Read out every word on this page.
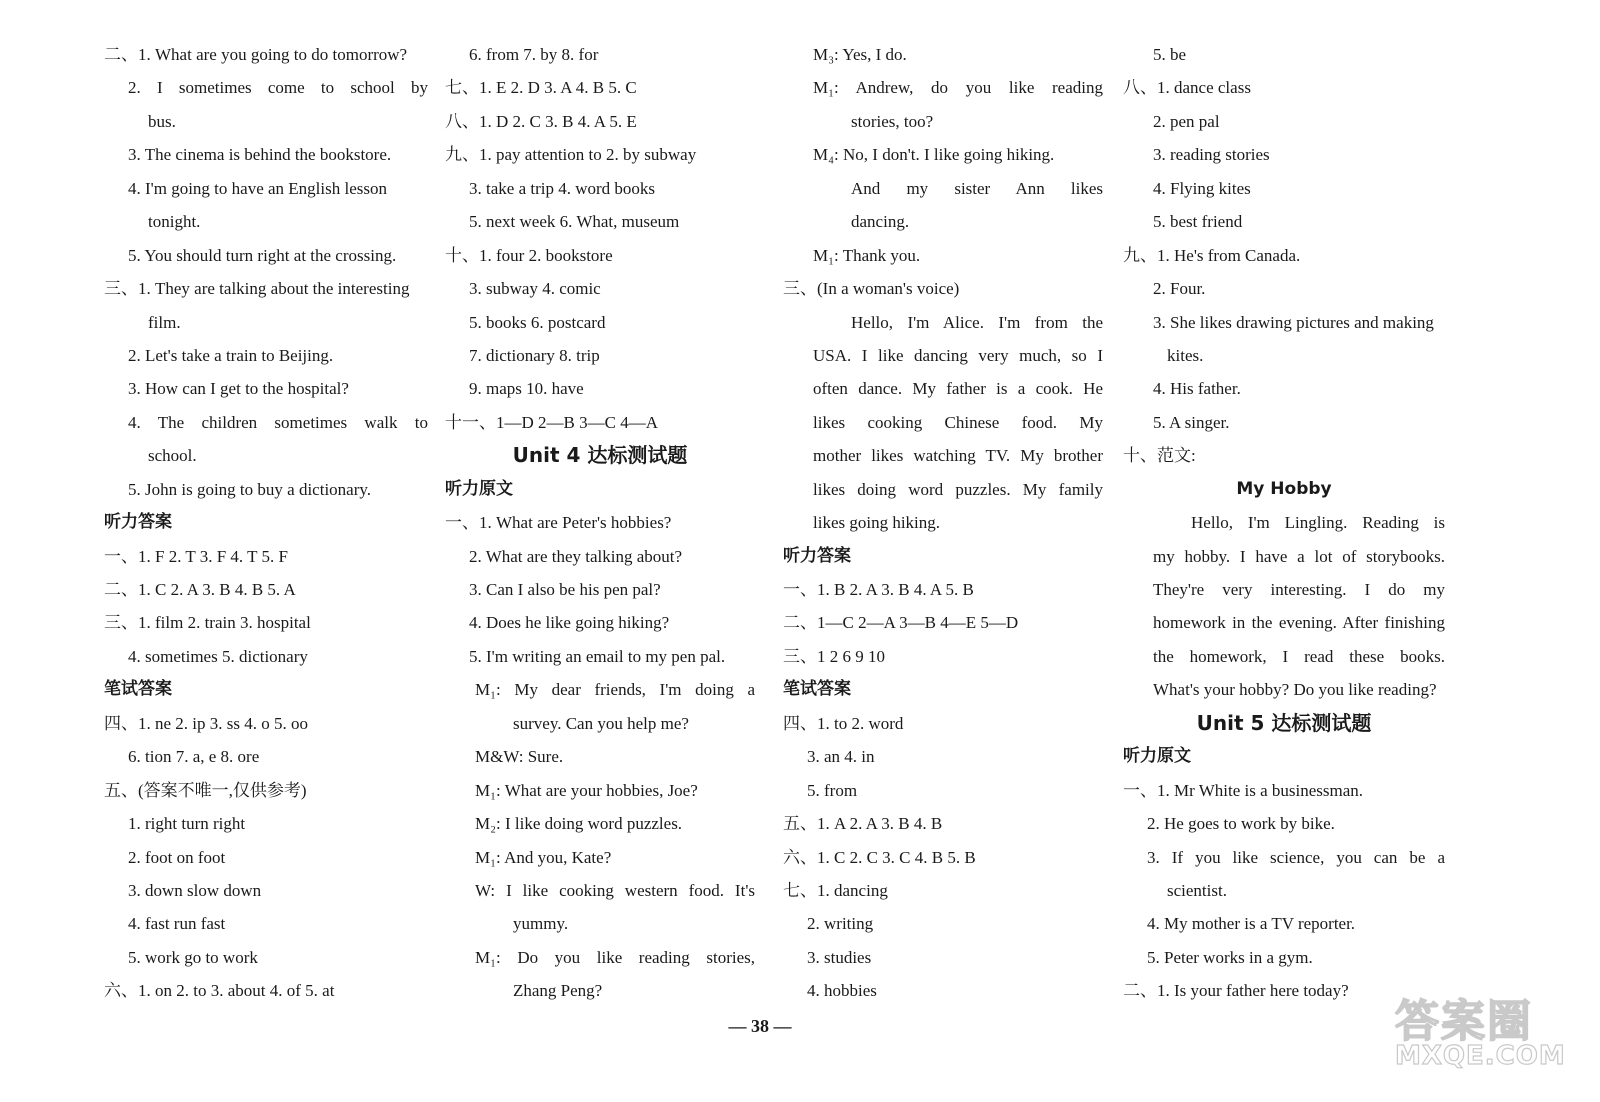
二、1. What are you going to do tomorrow?
2. I sometimes come to school by
bus.
3. The cinema is behind the bookstore.
4. I'm going to have an English lesson
tonight.
5. You should turn right at the crossing.
三、1. They are talking about the interesting
film.
2. Let's take a train to Beijing.
3. How can I get to the hospital?
4. The children sometimes walk to
school.
5. John is going to buy a dictionary.
听力答案
一、1. F 2. T 3. F 4. T 5. F
二、1. C 2. A 3. B 4. B 5. A
三、1. film 2. train 3. hospital
4. sometimes 5. dictionary
笔试答案
四、1. ne 2. ip 3. ss 4. o 5. oo
6. tion 7. a, e 8. ore
五、(答案不唯一,仅供参考)
1. right turn right
2. foot on foot
3. down slow down
4. fast run fast
5. work go to work
六、1. on 2. to 3. about 4. of 5. at
6. from 7. by 8. for
七、1. E 2. D 3. A 4. B 5. C
八、1. D 2. C 3. B 4. A 5. E
九、1. pay attention to 2. by subway
3. take a trip 4. word books
5. next week 6. What, museum
十、1. four 2. bookstore
3. subway 4. comic
5. books 6. postcard
7. dictionary 8. trip
9. maps 10. have
十一、1—D 2—B 3—C 4—A
Unit 4 达标测试题
听力原文
一、1. What are Peter's hobbies?
2. What are they talking about?
3. Can I also be his pen pal?
4. Does he like going hiking?
5. I'm writing an email to my pen pal.
M₁: My dear friends, I'm doing a
survey. Can you help me?
M&W: Sure.
M₁: What are your hobbies, Joe?
M₂: I like doing word puzzles.
M₁: And you, Kate?
W: I like cooking western food. It's
yummy.
M₁: Do you like reading stories,
Zhang Peng?
M₃: Yes, I do.
M₁: Andrew, do you like reading
stories, too?
M₄: No, I don't. I like going hiking.
And my sister Ann likes
dancing.
M₁: Thank you.
三、(In a woman's voice)
Hello, I'm Alice. I'm from the
USA. I like dancing very much, so I
often dance. My father is a cook. He
likes cooking Chinese food. My
mother likes watching TV. My brother
likes doing word puzzles. My family
likes going hiking.
听力答案
一、1. B 2. A 3. B 4. A 5. B
二、1—C 2—A 3—B 4—E 5—D
三、1 2 6 9 10
笔试答案
四、1. to 2. word
3. an 4. in
5. from
五、1. A 2. A 3. B 4. B
六、1. C 2. C 3. C 4. B 5. B
七、1. dancing
2. writing
3. studies
4. hobbies
5. be
八、1. dance class
2. pen pal
3. reading stories
4. Flying kites
5. best friend
九、1. He's from Canada.
2. Four.
3. She likes drawing pictures and making
kites.
4. His father.
5. A singer.
十、范文:
My Hobby
Hello, I'm Lingling. Reading is
my hobby. I have a lot of storybooks.
They're very interesting. I do my
homework in the evening. After finishing
the homework, I read these books.
What's your hobby? Do you like reading?
Unit 5 达标测试题
听力原文
一、1. Mr White is a businessman.
2. He goes to work by bike.
3. If you like science, you can be a
scientist.
4. My mother is a TV reporter.
5. Peter works in a gym.
二、1. Is your father here today?
— 38 —	答案圈
MXQE.COM
